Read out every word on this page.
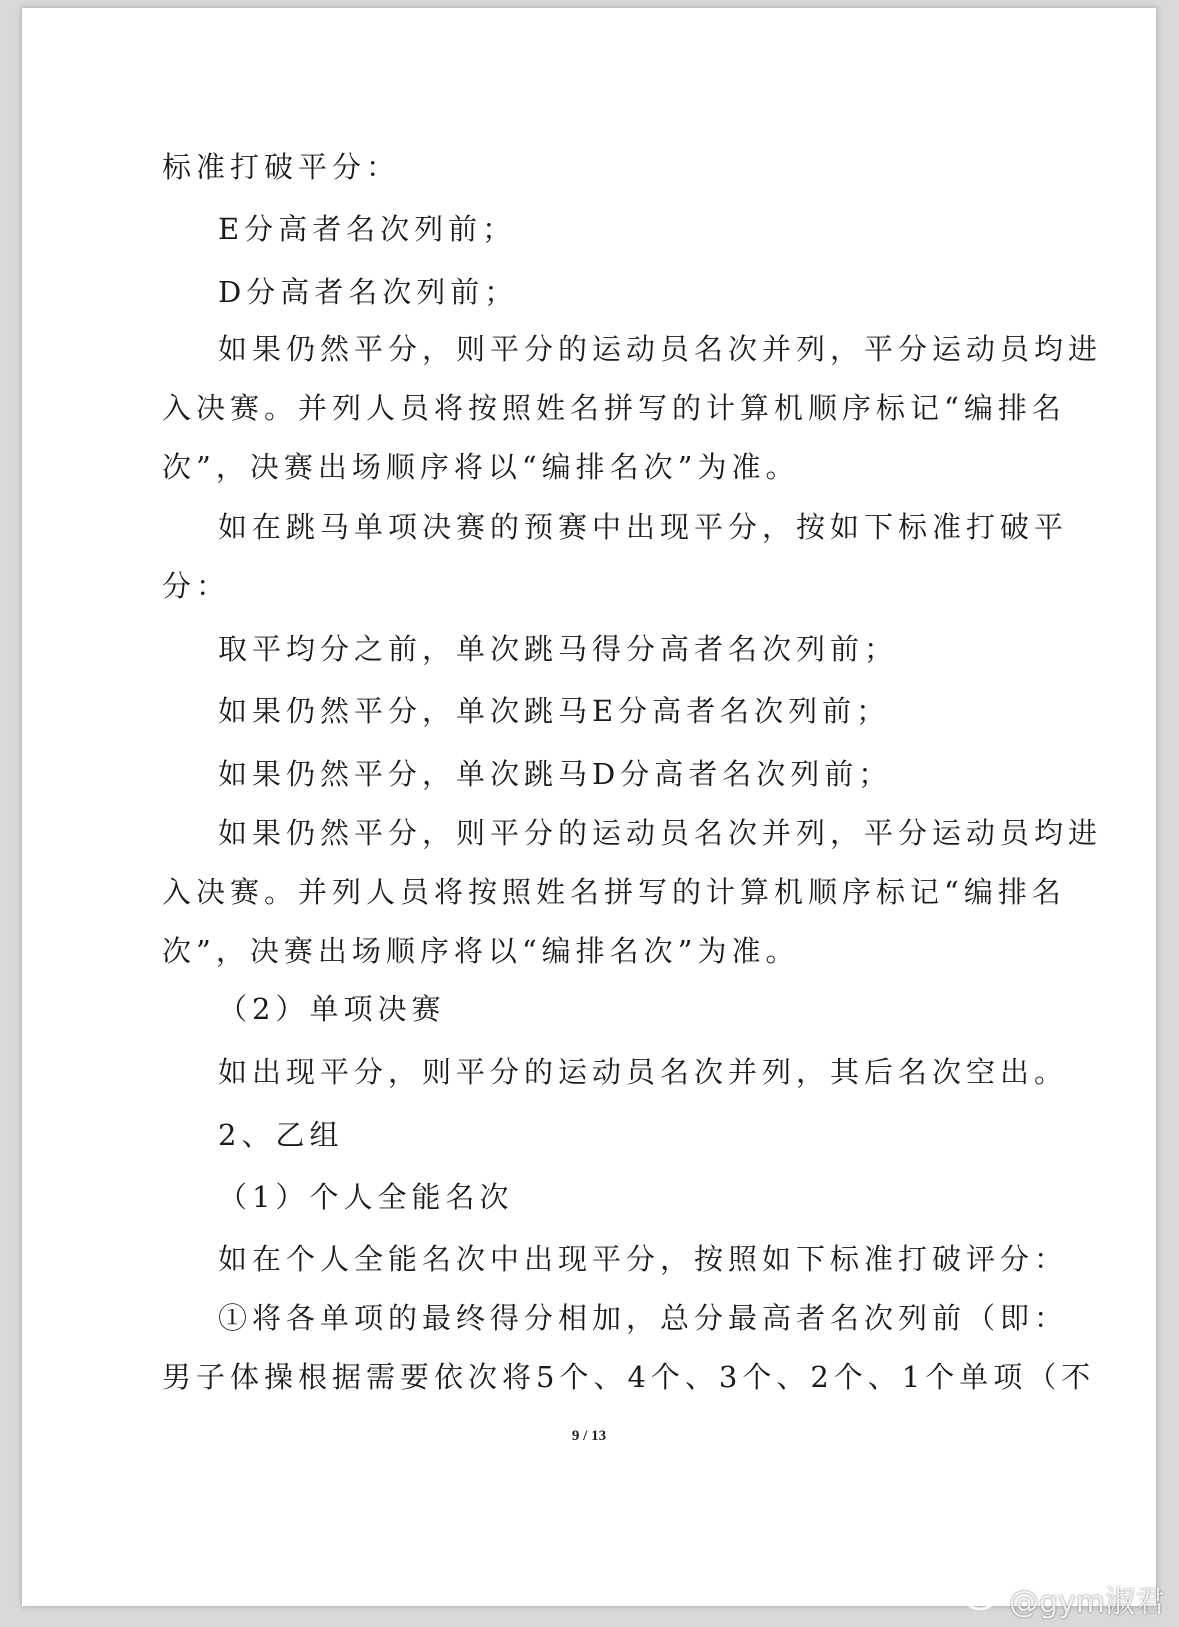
标准打破平分：

E分高者名次列前；

D分高者名次列前；

如果仍然平分，则平分的运动员名次并列，平分运动员均进
入决赛。并列人员将按照姓名拼写的计算机顺序标记“编排名
次”，决赛出场顺序将以“编排名次”为准。
如在跳马单项决赛的预赛中出现平分，按如下标准打破平
分：

取平均分之前，单次跳马得分高者名次列前；

如果仍然平分，单次跳马E分高者名次列前；

如果仍然平分，单次跳马D分高者名次列前；

如果仍然平分，则平分的运动员名次并列，平分运动员均进
入决赛。并列人员将按照姓名拼写的计算机顺序标记“编排名
次”，决赛出场顺序将以“编排名次”为准。

（2）单项决赛

如出现平分，则平分的运动员名次并列，其后名次空出。

2、乙组

（1）个人全能名次

如在个人全能名次中出现平分，按照如下标准打破评分：

①将各单项的最终得分相加，总分最高者名次列前（即：
男子体操根据需要依次将5个、4个、3个、2个、1个单项（不
9 / 13
@gym淑君
